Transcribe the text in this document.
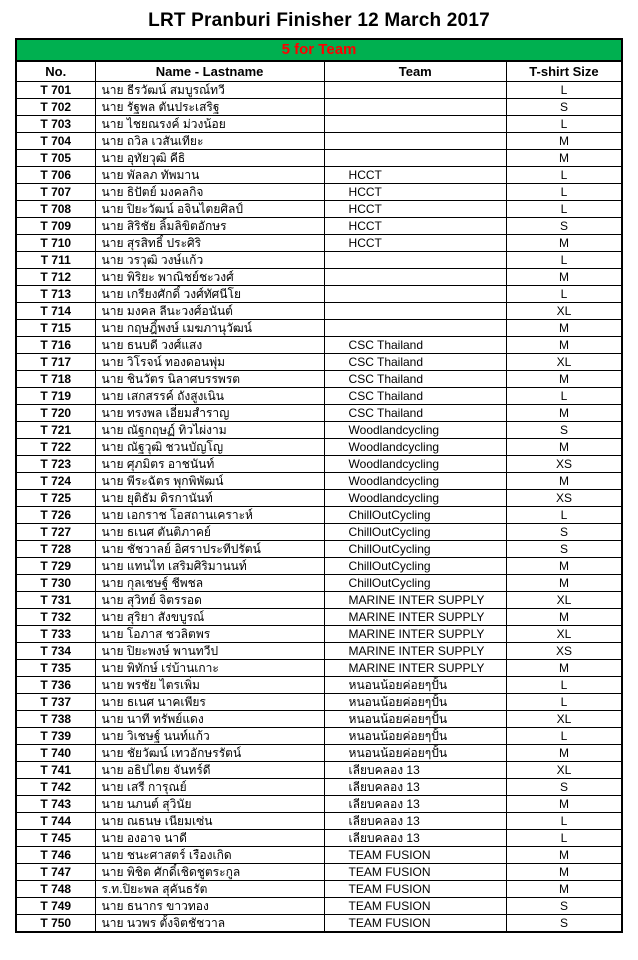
LRT Pranburi Finisher 12 March 2017
5 for Team
No.	Name - Lastname	Team	T-shirt Size
T 701	นาย ธีรวัฒน์ สมบูรณ์ทวี		L
T 702	นาย รัฐพล ตันประเสริฐ		S
T 703	นาย ไชยณรงค์ ม่วงน้อย		L
T 704	นาย ถวิล เวสันเทียะ		M
T 705	นาย อุทัยวุฒิ คีธิ		M
T 706	นาย พัลลภ ทัพมาน	HCCT	L
T 707	นาย ธิปัตย์ มงคลกิจ	HCCT	L
T 708	นาย ปิยะวัฒน์ อจินไตยศิลป์	HCCT	L
T 709	นาย สิริชัย ลิ้มลิขิตอักษร	HCCT	S
T 710	นาย สุรสิทธิ์ ประศิริ	HCCT	M
T 711	นาย วรวุฒิ วงษ์แก้ว		L
T 712	นาย พิริยะ พาณิชย์ชะวงศ์		M
T 713	นาย เกรียงศักดิ์ วงศ์ทัศนีโย		L
T 714	นาย มงคล ลีนะวงศ์อนันต์		XL
T 715	นาย กฤษฎิ์พงษ์ เมฆภานุวัฒน์		M
T 716	นาย ธนบดี วงศ์แสง	CSC Thailand	M
T 717	นาย วิโรจน์ ทองดอนพุ่ม	CSC Thailand	XL
T 718	นาย ชินวัตร นิลาศบรรพรต	CSC Thailand	M
T 719	นาย เสกสรรค์ ถังสูงเนิน	CSC Thailand	L
T 720	นาย ทรงพล เอี่ยมสำราญ	CSC Thailand	M
T 721	นาย ณัฐกฤษฏ์ ทิวไผ่งาม	Woodlandcycling	S
T 722	นาย ณัฐวุฒิ ชวนบัญโญ	Woodlandcycling	M
T 723	นาย ศุภมิตร อาชนันท์	Woodlandcycling	XS
T 724	นาย พีระฉัตร พุกพิพัฒน์	Woodlandcycling	M
T 725	นาย ยุติธัม ดิรกานันท์	Woodlandcycling	XS
T 726	นาย เอกราช โอสถานเคราะห์	ChillOutCycling	L
T 727	นาย ธเนศ ตันติภาคย์	ChillOutCycling	S
T 728	นาย ชัชวาลย์ อิศราประทีปรัตน์	ChillOutCycling	S
T 729	นาย แทนไท เสริมศิริมานนท์	ChillOutCycling	M
T 730	นาย กุลเชษฐ์ ชีพชล	ChillOutCycling	M
T 731	นาย สุวิทย์ จิตรรอด	MARINE INTER SUPPLY	XL
T 732	นาย สุริยา สังขบูรณ์	MARINE INTER SUPPLY	M
T 733	นาย โอภาส ชวลิตพร	MARINE INTER SUPPLY	XL
T 734	นาย ปิยะพงษ์ พานทวีป	MARINE INTER SUPPLY	XS
T 735	นาย พิทักษ์ เร่บ้านเกาะ	MARINE INTER SUPPLY	M
T 736	นาย พรชัย ไตรเพิ่ม	หนอนน้อยค่อยๆปั้น	L
T 737	นาย ธเนศ นาคเพียร	หนอนน้อยค่อยๆปั้น	L
T 738	นาย นาที ทรัพย์แดง	หนอนน้อยค่อยๆปั้น	XL
T 739	นาย วิเชษฐ์ นนท์แก้ว	หนอนน้อยค่อยๆปั้น	L
T 740	นาย ชัยวัฒน์ เทวอักษรรัตน์	หนอนน้อยค่อยๆปั้น	M
T 741	นาย อธิปไตย จันทร์ดี	เลียบคลอง 13	XL
T 742	นาย เสรี การุณย์	เลียบคลอง 13	S
T 743	นาย นภนต์ สุวินัย	เลียบคลอง 13	M
T 744	นาย ณธนษ เนียมเซ่น	เลียบคลอง 13	L
T 745	นาย องอาจ นาดี	เลียบคลอง 13	L
T 746	นาย ชนะศาสตร์ เรืองเกิด	TEAM FUSION	M
T 747	นาย พิชิต ศักดิ์เชิดชูตระกูล	TEAM FUSION	M
T 748	ร.ท.ปิยะพล สุคันธรัต	TEAM FUSION	M
T 749	นาย ธนากร ขาวทอง	TEAM FUSION	S
T 750	นาย นวพร ตั้งจิตชัชวาล	TEAM FUSION	S
